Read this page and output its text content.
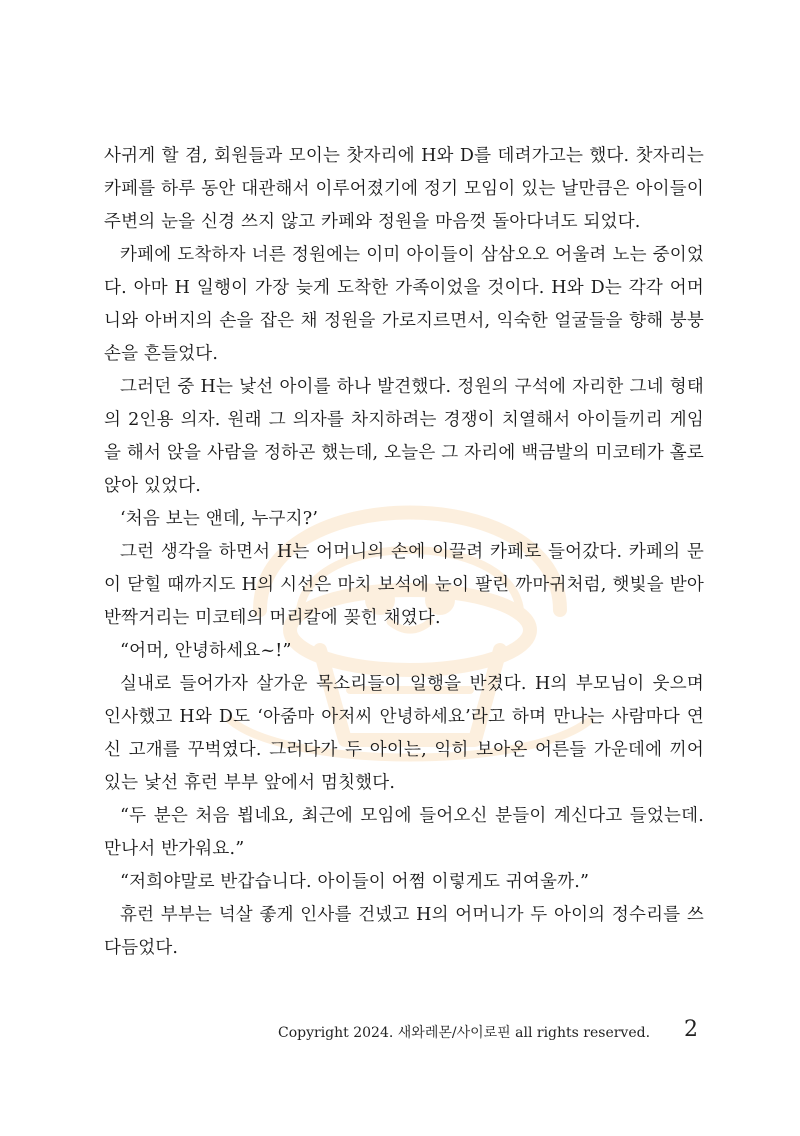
사귀게 할 겸, 회원들과 모이는 찻자리에 H와 D를 데려가고는 했다. 찻자리는 카페를 하루 동안 대관해서 이루어졌기에 정기 모임이 있는 날만큼은 아이들이 주변의 눈을 신경 쓰지 않고 카페와 정원을 마음껏 돌아다녀도 되었다.

카페에 도착하자 너른 정원에는 이미 아이들이 삼삼오오 어울려 노는 중이었다. 아마 H 일행이 가장 늦게 도착한 가족이었을 것이다. H와 D는 각각 어머니와 아버지의 손을 잡은 채 정원을 가로지르면서, 익숙한 얼굴들을 향해 붕붕 손을 흔들었다.

그러던 중 H는 낯선 아이를 하나 발견했다. 정원의 구석에 자리한 그네 형태의 2인용 의자. 원래 그 의자를 차지하려는 경쟁이 치열해서 아이들끼리 게임을 해서 앉을 사람을 정하곤 했는데, 오늘은 그 자리에 백금발의 미코테가 홀로 앉아 있었다.

‘처음 보는 앤데, 누구지?’

그런 생각을 하면서 H는 어머니의 손에 이끌려 카페로 들어갔다. 카페의 문이 닫힐 때까지도 H의 시선은 마치 보석에 눈이 팔린 까마귀처럼, 햇빛을 받아 반짝거리는 미코테의 머리칼에 꽂힌 채였다.

“어머, 안녕하세요~!”

실내로 들어가자 살가운 목소리들이 일행을 반겼다. H의 부모님이 웃으며 인사했고 H와 D도 ‘아줌마 아저씨 안녕하세요’라고 하며 만나는 사람마다 연신 고개를 꾸벅였다. 그러다가 두 아이는, 익히 보아온 어른들 가운데에 끼어 있는 낯선 휴런 부부 앞에서 멈칫했다.

“두 분은 처음 뵙네요, 최근에 모임에 들어오신 분들이 계신다고 들었는데. 만나서 반가워요.”

“저희야말로 반갑습니다. 아이들이 어쩜 이렇게도 귀여울까.”

휴런 부부는 넉살 좋게 인사를 건넸고 H의 어머니가 두 아이의 정수리를 쓰다듬었다.

Copyright 2024. 새와레몬/사이로핀 all rights reserved.	2
